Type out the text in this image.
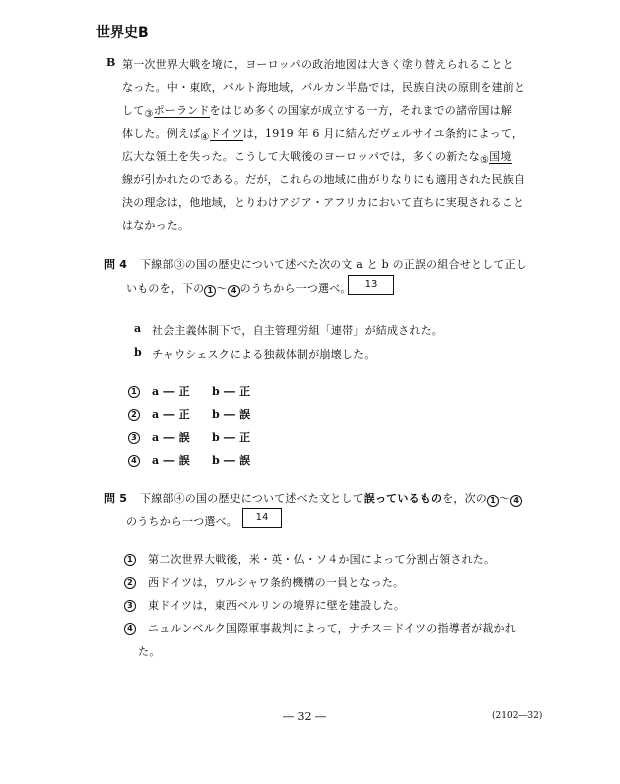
世界史B
B 第一次世界大戦を境に，ヨーロッパの政治地図は大きく塗り替えられることと
なった。中・東欧，バルト海地域，バルカン半島では，民族自決の原則を建前と
して③ポーランドをはじめ多くの国家が成立する一方，それまでの諸帝国は解
体した。例えば④ドイツは，1919 年 6 月に結んだヴェルサイユ条約によって，
広大な領土を失った。こうして大戦後のヨーロッパでは，多くの新たな⑤国境
線が引かれたのである。だが，これらの地域に曲がりなりにも適用された民族自
決の理念は，他地域，とりわけアジア・アフリカにおいて直ちに実現されること
はなかった。
問 4 下線部③の国の歴史について述べた次の文 a と b の正誤の組合せとして正し
いものを，下の 1 ～ 4 のうちから一つ選べ。	13
a 社会主義体制下で，自主管理労組「連帯」が結成された。
b チャウシェスクによる独裁体制が崩壊した。
1 a ― 正 b ― 正
2 a ― 正 b ― 誤
3 a ― 誤 b ― 正
4 a ― 誤 b ― 誤
問 5 下線部④の国の歴史について述べた文として誤っているものを，次の 1 ～ 4
のうちから一つ選べ。	14
1 第二次世界大戦後，米・英・仏・ソ４か国によって分割占領された。
2 西ドイツは，ワルシャワ条約機構の一員となった。
3 東ドイツは，東西ベルリンの境界に壁を建設した。
4 ニュルンベルク国際軍事裁判によって，ナチス＝ドイツの指導者が裁かれ
た。
― 32 ―	(2102―32)
